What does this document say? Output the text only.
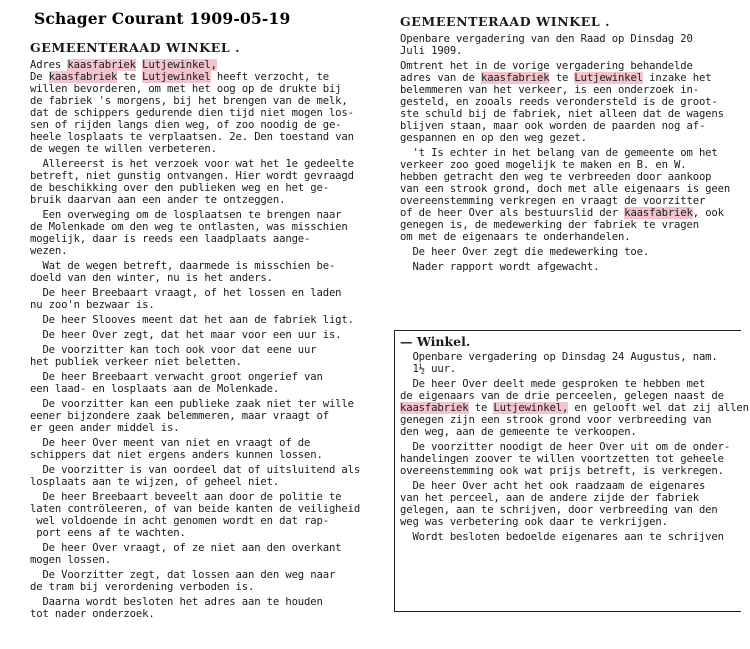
Schager Courant 1909-05-19
GEMEENTERAAD WINKEL .
Adres kaasfabriek Lutjewinkel,
De kaasfabriek te Lutjewinkel heeft verzocht, te
willen bevorderen, om met het oog op de drukte bij
de fabriek 's morgens, bij het brengen van de melk,
dat de schippers gedurende dien tijd niet mogen los-
sen of rijden langs dien weg, of zoo noodig de ge-
heele losplaats te verplaatsen. 2e. Den toestand van
de wegen te willen verbeteren.
Allereerst is het verzoek voor wat het 1e gedeelte
betreft, niet gunstig ontvangen. Hier wordt gevraagd
de beschikking over den publieken weg en het ge-
bruik daarvan aan een ander te ontzeggen.
Een overweging om de losplaatsen te brengen naar
de Molenkade om den weg te ontlasten, was misschien
mogelijk, daar is reeds een laadplaats aange-
wezen.
Wat de wegen betreft, daarmede is misschien be-
doeld van den winter, nu is het anders.
De heer Breebaart vraagt, of het lossen en laden
nu zoo'n bezwaar is.
De heer Slooves meent dat het aan de fabriek ligt.
De heer Over zegt, dat het maar voor een uur is.
De voorzitter kan toch ook voor dat eene uur
het publiek verkeer niet beletten.
De heer Breebaart verwacht groot ongerief van
een laad- en losplaats aan de Molenkade.
De voorzitter kan een publieke zaak niet ter wille
eener bijzondere zaak belemmeren, maar vraagt of
er geen ander middel is.
De heer Over meent van niet en vraagt of de
schippers dat niet ergens anders kunnen lossen.
De voorzitter is van oordeel dat of uitsluitend als
losplaats aan te wijzen, of geheel niet.
De heer Breebaart beveelt aan door de politie te
laten contröleeren, of van beide kanten de veiligheid
wel voldoende in acht genomen wordt en dat rap-
port eens af te wachten.
De heer Over vraagt, of ze niet aan den overkant
mogen lossen.
De Voorzitter zegt, dat lossen aan den weg naar
de tram bij verordening verboden is.
Daarna wordt besloten het adres aan te houden
tot nader onderzoek.
GEMEENTERAAD WINKEL .
Openbare vergadering van den Raad op Dinsdag 20
Juli 1909.
Omtrent het in de vorige vergadering behandelde
adres van de kaasfabriek te Lutjewinkel inzake het
belemmeren van het verkeer, is een onderzoek in-
gesteld, en zooals reeds verondersteld is de groot-
ste schuld bij de fabriek, niet alleen dat de wagens
blijven staan, maar ook worden de paarden nog af-
gespannen en op den weg gezet.
't Is echter in het belang van de gemeente om het
verkeer zoo goed mogelijk te maken en B. en W.
hebben getracht den weg te verbreeden door aankoop
van een strook grond, doch met alle eigenaars is geen
overeenstemming verkregen en vraagt de voorzitter
of de heer Over als bestuurslid der kaasfabriek, ook
genegen is, de medewerking der fabriek te vragen
om met de eigenaars te onderhandelen.
De heer Over zegt die medewerking toe.
Nader rapport wordt afgewacht.
— Winkel.
Openbare vergadering op Dinsdag 24 Augustus, nam.
1½ uur.
De heer Over deelt mede gesproken te hebben met
de eigenaars van de drie perceelen, gelegen naast de
kaasfabriek te Lutjewinkel, en gelooft wel dat zij allen
genegen zijn een strook grond voor verbreeding van
den weg, aan de gemeente te verkoopen.
De voorzitter noodigt de heer Over uit om de onder-
handelingen zoover te willen voortzetten tot geheele
overeenstemming ook wat prijs betreft, is verkregen.
De heer Over acht het ook raadzaam de eigenares
van het perceel, aan de andere zijde der fabriek
gelegen, aan te schrijven, door verbreeding van den
weg was verbetering ook daar te verkrijgen.
Wordt besloten bedoelde eigenares aan te schrijven
